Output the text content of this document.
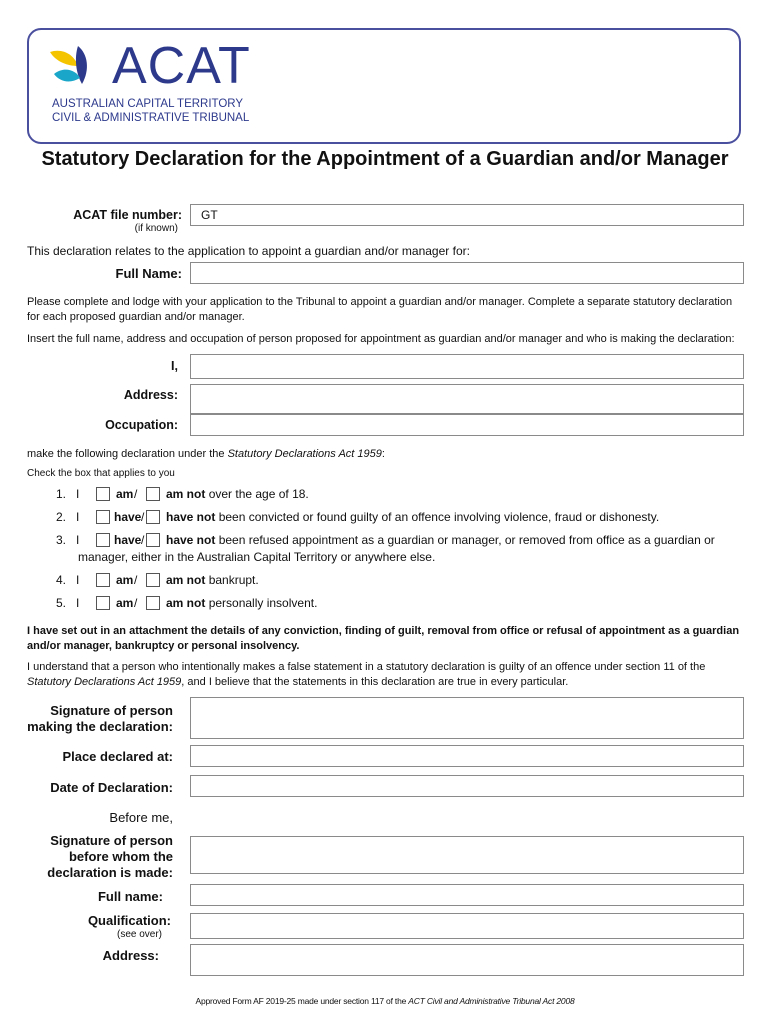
ACAT
AUSTRALIAN CAPITAL TERRITORY
CIVIL & ADMINISTRATIVE TRIBUNAL
Statutory Declaration for the Appointment of a Guardian and/or Manager
ACAT file number:
(if known)
GT
This declaration relates to the application to appoint a guardian and/or manager for:
Full Name:
Please complete and lodge with your application to the Tribunal to appoint a guardian and/or manager. Complete a separate statutory declaration for each proposed guardian and/or manager.
Insert the full name, address and occupation of person proposed for appointment as guardian and/or manager and who is making the declaration:
I,
Address:
Occupation:
make the following declaration under the Statutory Declarations Act 1959:
Check the box that applies to you
1. I	am / am not over the age of 18.
2. I	have / have not been convicted or found guilty of an offence involving violence, fraud or dishonesty.
3. I	have / have not been refused appointment as a guardian or manager, or removed from office as a guardian or
manager, either in the Australian Capital Territory or anywhere else.
4. I	am / am not bankrupt.
5. I	am / am not personally insolvent.
I have set out in an attachment the details of any conviction, finding of guilt, removal from office or refusal of appointment as a guardian and/or manager, bankruptcy or personal insolvency.
I understand that a person who intentionally makes a false statement in a statutory declaration is guilty of an offence under section 11 of the Statutory Declarations Act 1959, and I believe that the statements in this declaration are true in every particular.
Signature of person
making the declaration:
Place declared at:
Date of Declaration:
Before me,
Signature of person
before whom the
declaration is made:
Full name:
Qualification:
(see over)
Address:
Approved Form AF 2019-25 made under section 117 of the ACT Civil and Administrative Tribunal Act 2008
